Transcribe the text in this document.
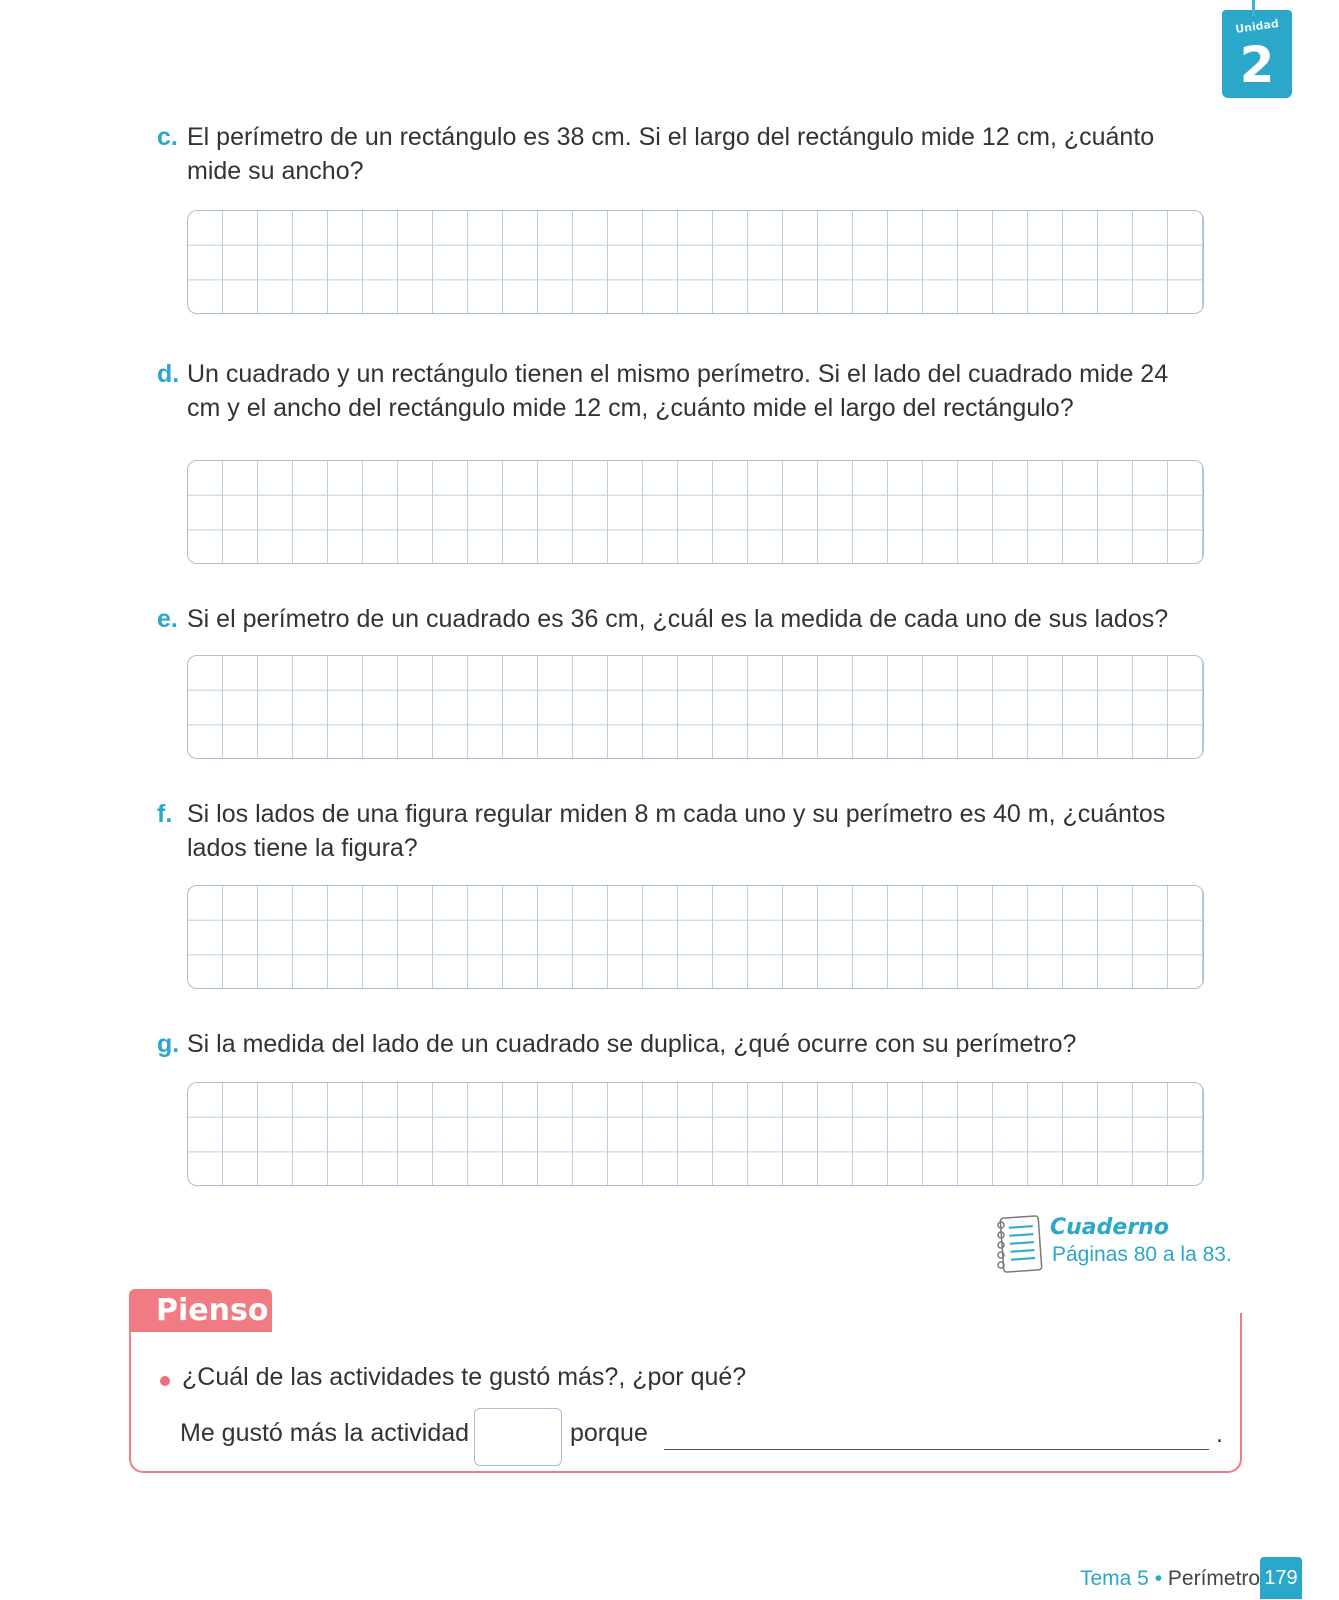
Unidad
2
c. El perímetro de un rectángulo es 38 cm. Si el largo del rectángulo mide 12 cm, ¿cuánto mide su ancho?
d. Un cuadrado y un rectángulo tienen el mismo perímetro. Si el lado del cuadrado mide 24 cm y el ancho del rectángulo mide 12 cm, ¿cuánto mide el largo del rectángulo?
e. Si el perímetro de un cuadrado es 36 cm, ¿cuál es la medida de cada uno de sus lados?
f. Si los lados de una figura regular miden 8 m cada uno y su perímetro es 40 m, ¿cuántos lados tiene la figura?
g. Si la medida del lado de un cuadrado se duplica, ¿qué ocurre con su perímetro?
Cuaderno
Páginas 80 a la 83.
Pienso
¿Cuál de las actividades te gustó más?, ¿por qué?
Me gustó más la actividad	porque	.
Tema 5 • Perímetro 179
